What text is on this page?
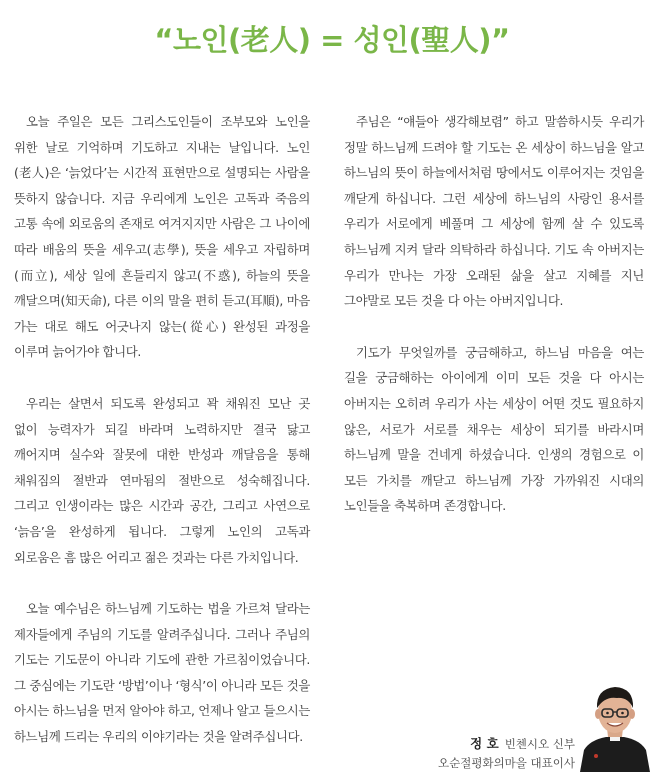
“노인(老人) = 성인(聖人)”

오늘 주일은 모든 그리스도인들이 조부모와 노인을 위한 날로 기억하며 기도하고 지내는 날입니다. 노인(老人)은 ‘늙었다’는 시간적 표현만으로 설명되는 사람을 뜻하지 않습니다. 지금 우리에게 노인은 고독과 죽음의 고통 속에 외로움의 존재로 여겨지지만 사람은 그 나이에 따라 배움의 뜻을 세우고(志學), 뜻을 세우고 자립하며(而立), 세상 일에 흔들리지 않고(不惑), 하늘의 뜻을 깨달으며(知天命), 다른 이의 말을 편히 듣고(耳順), 마음 가는 대로 해도 어긋나지 않는(從心) 완성된 과정을 이루며 늙어가야 합니다.

우리는 살면서 되도록 완성되고 꽉 채워진 모난 곳 없이 능력자가 되길 바라며 노력하지만 결국 닳고 깨어지며 실수와 잘못에 대한 반성과 깨달음을 통해 채워짐의 절반과 연마됨의 절반으로 성숙해집니다. 그리고 인생이라는 많은 시간과 공간, 그리고 사연으로 ‘늙음’을 완성하게 됩니다. 그렇게 노인의 고독과 외로움은 흠 많은 어리고 젊은 것과는 다른 가치입니다.

오늘 예수님은 하느님께 기도하는 법을 가르쳐 달라는 제자들에게 주님의 기도를 알려주십니다. 그러나 주님의 기도는 기도문이 아니라 기도에 관한 가르침이었습니다. 그 중심에는 기도란 ‘방법’이나 ‘형식’이 아니라 모든 것을 아시는 하느님을 먼저 알아야 하고, 언제나 알고 들으시는 하느님께 드리는 우리의 이야기라는 것을 알려주십니다.

주님은 “얘들아 생각해보렴” 하고 말씀하시듯 우리가 정말 하느님께 드려야 할 기도는 온 세상이 하느님을 알고 하느님의 뜻이 하늘에서처럼 땅에서도 이루어지는 것임을 깨닫게 하십니다. 그런 세상에 하느님의 사랑인 용서를 우리가 서로에게 베풀며 그 세상에 함께 살 수 있도록 하느님께 지켜 달라 의탁하라 하십니다. 기도 속 아버지는 우리가 만나는 가장 오래된 삶을 살고 지혜를 지닌 그야말로 모든 것을 다 아는 아버지입니다.

기도가 무엇일까를 궁금해하고, 하느님 마음을 여는 길을 궁금해하는 아이에게 이미 모든 것을 다 아시는 아버지는 오히려 우리가 사는 세상이 어떤 것도 필요하지 않은, 서로가 서로를 채우는 세상이 되기를 바라시며 하느님께 말을 건네게 하셨습니다. 인생의 경험으로 이 모든 가치를 깨닫고 하느님께 가장 가까워진 시대의 노인들을 축복하며 존경합니다.

정 호 빈첸시오 신부
오순절평화의마을 대표이사
